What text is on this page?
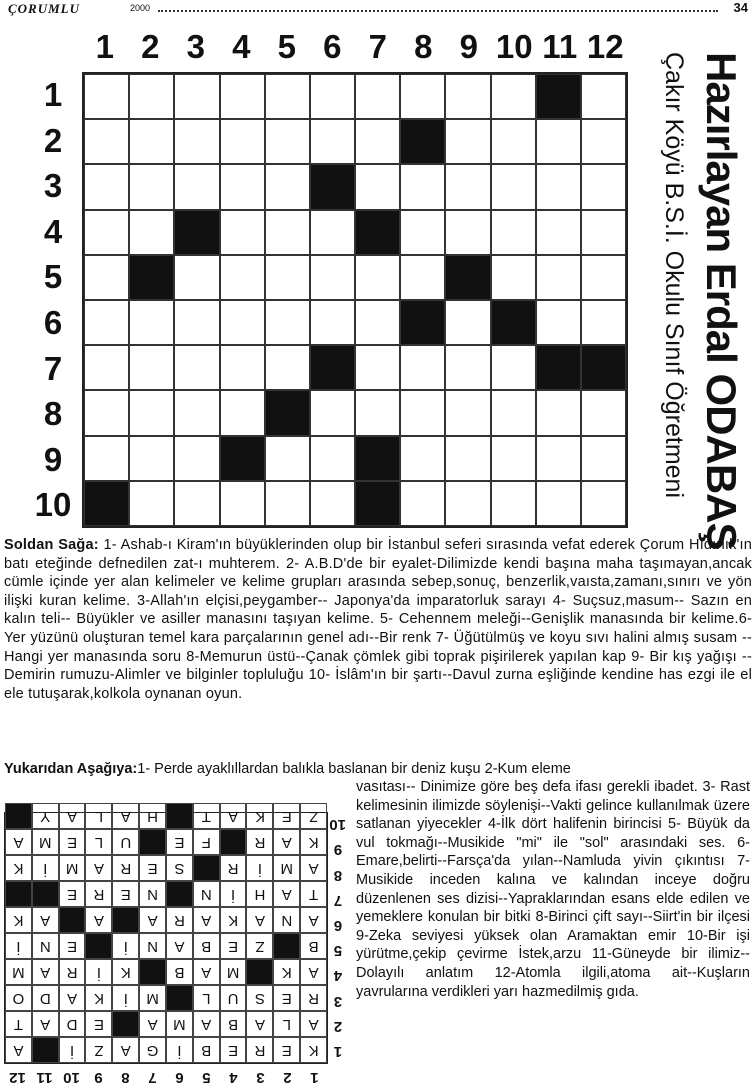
ÇORUMLU	2000	34
1 2 3 4 5 6 7 8 9 10 11 12
1
2
3
4
5
6
7
8
9
10	Hazırlayan Erdal ODABAŞ
Çakır Köyü B.S.İ. Okulu Sınıf Öğretmeni
Soldan Sağa: 1- Ashab-ı Kiram'ın büyüklerinden olup bir İstanbul seferi sırasında vefat ederek Çorum Hıdırlık'ın batı eteğinde defnedilen zat-ı muhterem. 2- A.B.D'de bir eyalet-Dilimizde kendi başına maha taşımayan,ancak cümle içinde yer alan kelimeler ve kelime grupları arasında sebep,sonuç, benzerlik,vaısta,zamanı,sınırı ve yön ilişki kuran kelime. 3-Allah'ın elçisi,peygamber-- Japonya'da imparatorluk sarayı 4- Suçsuz,masum-- Sazın en kalın teli-- Büyükler ve asiller manasını taşıyan kelime. 5- Cehennem meleği--Genişlik manasında bir kelime.6- Yer yüzünü oluşturan temel kara parçalarının genel adı--Bir renk 7- Üğütülmüş ve koyu sıvı halini almış susam -- Hangi yer manasında soru 8-Memurun üstü--Çanak çömlek gibi toprak pişirilerek yapılan kap 9- Bir kış yağışı --Demirin rumuzu-Alimler ve bilginler topluluğu 10- İslâm'ın bir şartı--Davul zurna eşliğinde kendine has ezgi ile el ele tutuşarak,kolkola oynanan oyun.
Yukarıdan Aşağıya:1- Perde ayaklıllardan balıkla baslanan bir deniz kuşu 2-Kum eleme
vasıtası-- Dinimize göre beş defa ifası gerekli ibadet. 3- Rast kelimesinin ilimizde söylenişi--Vakti gelince kullanılmak üzere satlanan yiyecekler 4-İlk dört halifenin birincisi 5- Büyük da vul tokmağı--Musikide "mi" ile "sol" arasındaki ses. 6- Emare,belirti--Farsça'da yılan--Namluda yivin çıkıntısı 7-Musikide inceden kalına ve kalından inceye doğru düzenlenen ses dizisi--Yapraklarından esans elde edilen ve yemeklere konulan bir bitki 8-Birinci çift sayı--Siirt'in bir ilçesi 9-Zeka seviyesi yüksek olan Aramaktan emir 10-Bir işi yürütme,çekip çevirme İstek,arzu 11-Güneyde bir ilimiz--Dolayılı anlatım 12-Atomla ilgili,atoma ait--Kuşların yavrularına verdikleri yarı hazmedilmiş gıda.
1
2
3
4
5
6
7
8
9
10
11
12
1
2
3
4
5
6
7
8
9
10
K
E
R
E
B
İ
G
A
Z
İ
A
A
L
A
B
A
M
A
E
D
A
T
R
E
S
U
L
M
İ
K
A
D
O
A
K
M
A
B
K
İ
R
A
M
B
Z
E
B
A
N
İ
E
N
İ
A
N
A
K
A
R
A
A
A
K
T
A
H
İ
N
N
E
R
E
A
M
İ
R
S
E
R
A
M
İ
K
K
A
R
F
E
U
L
E
M
A
Z
E
K
A
T
H
A
L
A
Y
